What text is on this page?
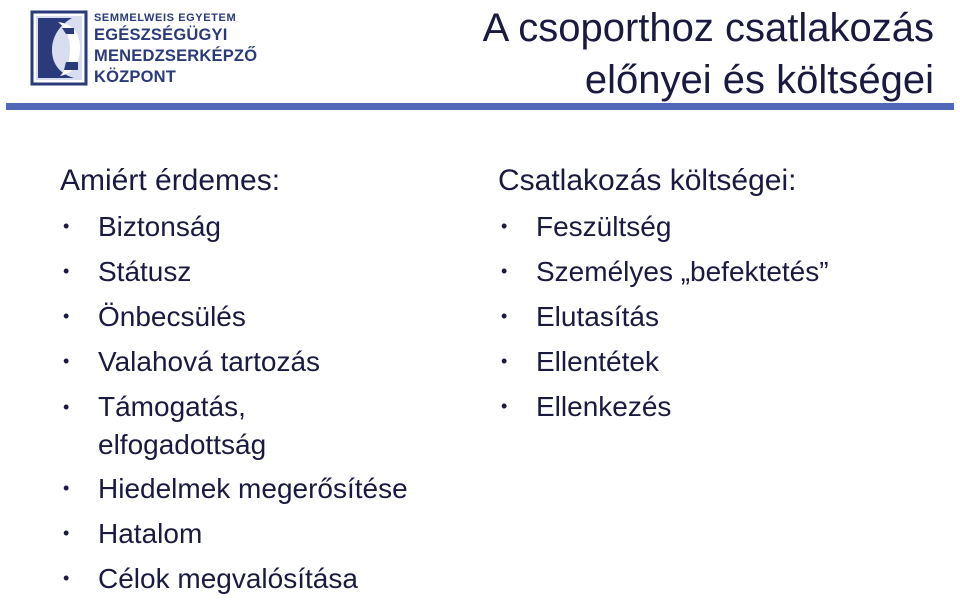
SEMMELWEIS EGYETEM
EGÉSZSÉGÜGYI
MENEDZSERKÉPZŐ
KÖZPONT
A csoporthoz csatlakozás
előnyei és költségei
Amiért érdemes:
• Biztonság
• Státusz
• Önbecsülés
• Valahová tartozás
• Támogatás, elfogadottság
• Hiedelmek megerősítése
• Hatalom
• Célok megvalósítása
Csatlakozás költségei:
• Feszültség
• Személyes „befektetés”
• Elutasítás
• Ellentétek
• Ellenkezés
